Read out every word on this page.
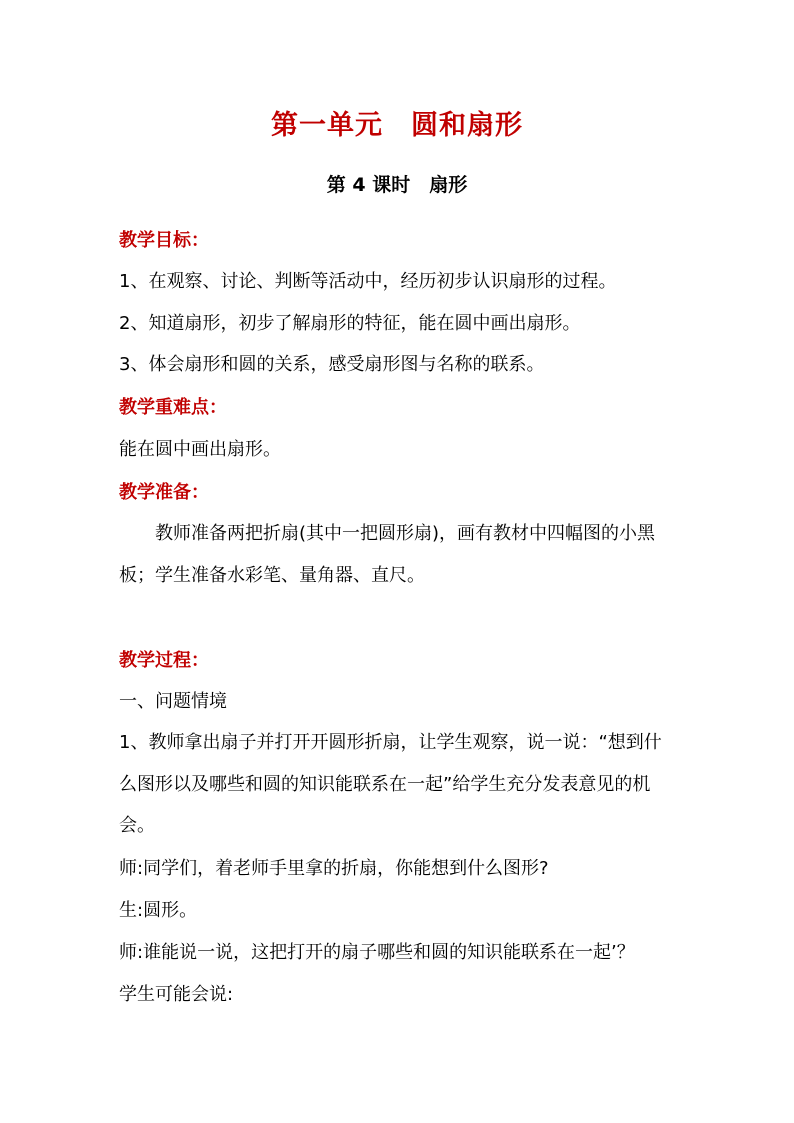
第一单元　圆和扇形
第 4 课时　扇形
教学目标：
1、在观察、讨论、判断等活动中，经历初步认识扇形的过程。
2、知道扇形，初步了解扇形的特征，能在圆中画出扇形。
3、体会扇形和圆的关系，感受扇形图与名称的联系。
教学重难点：
能在圆中画出扇形。
教学准备：
教师准备两把折扇(其中一把圆形扇)，画有教材中四幅图的小黑
板；学生准备水彩笔、量角器、直尺。
教学过程：
一、问题情境
1、教师拿出扇子并打开开圆形折扇，让学生观察，说一说：“想到什
么图形以及哪些和圆的知识能联系在一起”给学生充分发表意见的机
会。
师:同学们，着老师手里拿的折扇，你能想到什么图形?
生:圆形。
师:谁能说一说，这把打开的扇子哪些和圆的知识能联系在一起’？
学生可能会说:
